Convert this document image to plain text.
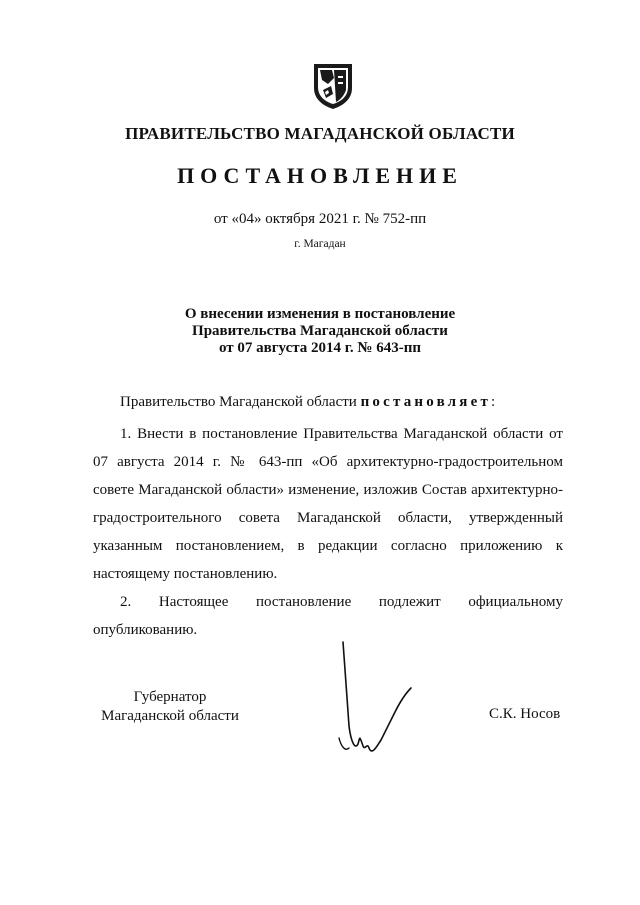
ПРАВИТЕЛЬСТВО МАГАДАНСКОЙ ОБЛАСТИ
ПОСТАНОВЛЕНИЕ
от «04» октября 2021 г. № 752-пп
г. Магадан
О внесении изменения в постановление
Правительства Магаданской области
от 07 августа 2014 г. № 643-пп
Правительство Магаданской области постановляет:

1. Внести в постановление Правительства Магаданской области от 07 августа 2014 г. № 643-пп «Об архитектурно-градостроительном совете Магаданской области» изменение, изложив Состав архитектурно-градостроительного совета Магаданской области, утвержденный указанным постановлением, в редакции согласно приложению к настоящему постановлению.

2. Настоящее постановление подлежит официальному опубликованию.

Губернатор
Магаданской области	С.К. Носов
